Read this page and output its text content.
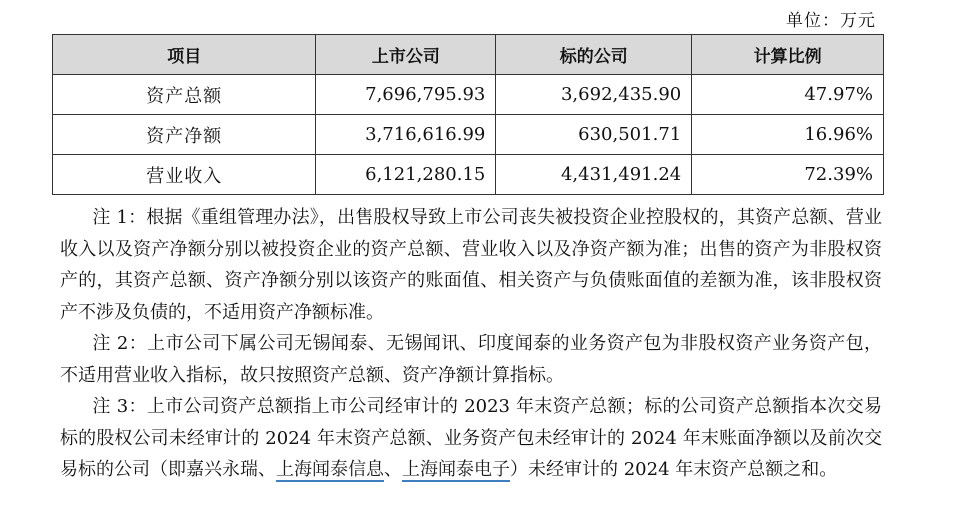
单位：万元
项目	上市公司	标的公司	计算比例
资产总额	7,696,795.93	3,692,435.90	47.97%
资产净额	3,716,616.99	630,501.71	16.96%
营业收入	6,121,280.15	4,431,491.24	72.39%

注 1：根据《重组管理办法》，出售股权导致上市公司丧失被投资企业控股权的，其资产总额、营业收入以及资产净额分别以被投资企业的资产总额、营业收入以及净资产额为准；出售的资产为非股权资产的，其资产总额、资产净额分别以该资产的账面值、相关资产与负债账面值的差额为准，该非股权资产不涉及负债的，不适用资产净额标准。

注 2：上市公司下属公司无锡闻泰、无锡闻讯、印度闻泰的业务资产包为非股权资产业务资产包，不适用营业收入指标，故只按照资产总额、资产净额计算指标。

注 3：上市公司资产总额指上市公司经审计的 2023 年末资产总额；标的公司资产总额指本次交易标的股权公司未经审计的 2024 年末资产总额、业务资产包未经审计的 2024 年末账面净额以及前次交易标的公司（即嘉兴永瑞、上海闻泰信息、上海闻泰电子）未经审计的 2024 年末资产总额之和。
